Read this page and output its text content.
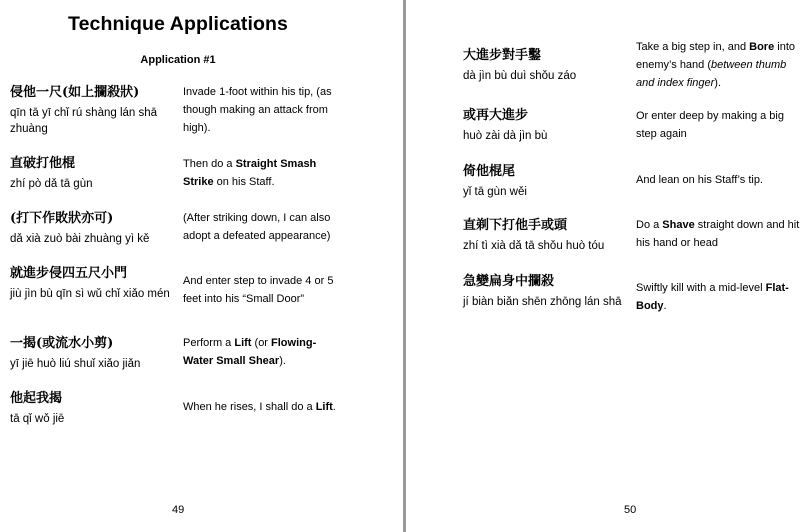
Technique Applications
Application #1
侵他一尺(如上攔殺狀)
qīn tā yī chǐ rú shàng lán shā zhuàng
Invade 1-foot within his tip, (as though making an attack from high).
直破打他棍
zhí pò dǎ tā gùn
Then do a Straight Smash Strike on his Staff.
(打下作敗狀亦可)
dǎ xià zuò bài zhuàng yì kě
(After striking down, I can also adopt a defeated appearance)
就進步侵四五尺小門
jiù jìn bù qīn sì wǔ chǐ xiǎo mén
And enter step to invade 4 or 5 feet into his “Small Door”
一揭(或流水小剪)
yī jiē huò liú shuǐ xiǎo jiǎn
Perform a Lift (or Flowing-Water Small Shear).
他起我揭
tā qǐ wǒ jiē
When he rises, I shall do a Lift.
49
大進步對手鑿
dà jìn bù duì shǒu záo
Take a big step in, and Bore into enemy’s hand (between thumb and index finger).
或再大進步
huò zài dà jìn bù
Or enter deep by making a big step again
倚他棍尾
yǐ tā gùn wěi
And lean on his Staff’s tip.
直剃下打他手或頭
zhí tì xià dǎ tā shǒu huò tóu
Do a Shave straight down and hit his hand or head
急變扁身中攔殺
jí biàn biǎn shēn zhōng lán shā
Swiftly kill with a mid-level Flat-Body.
50
